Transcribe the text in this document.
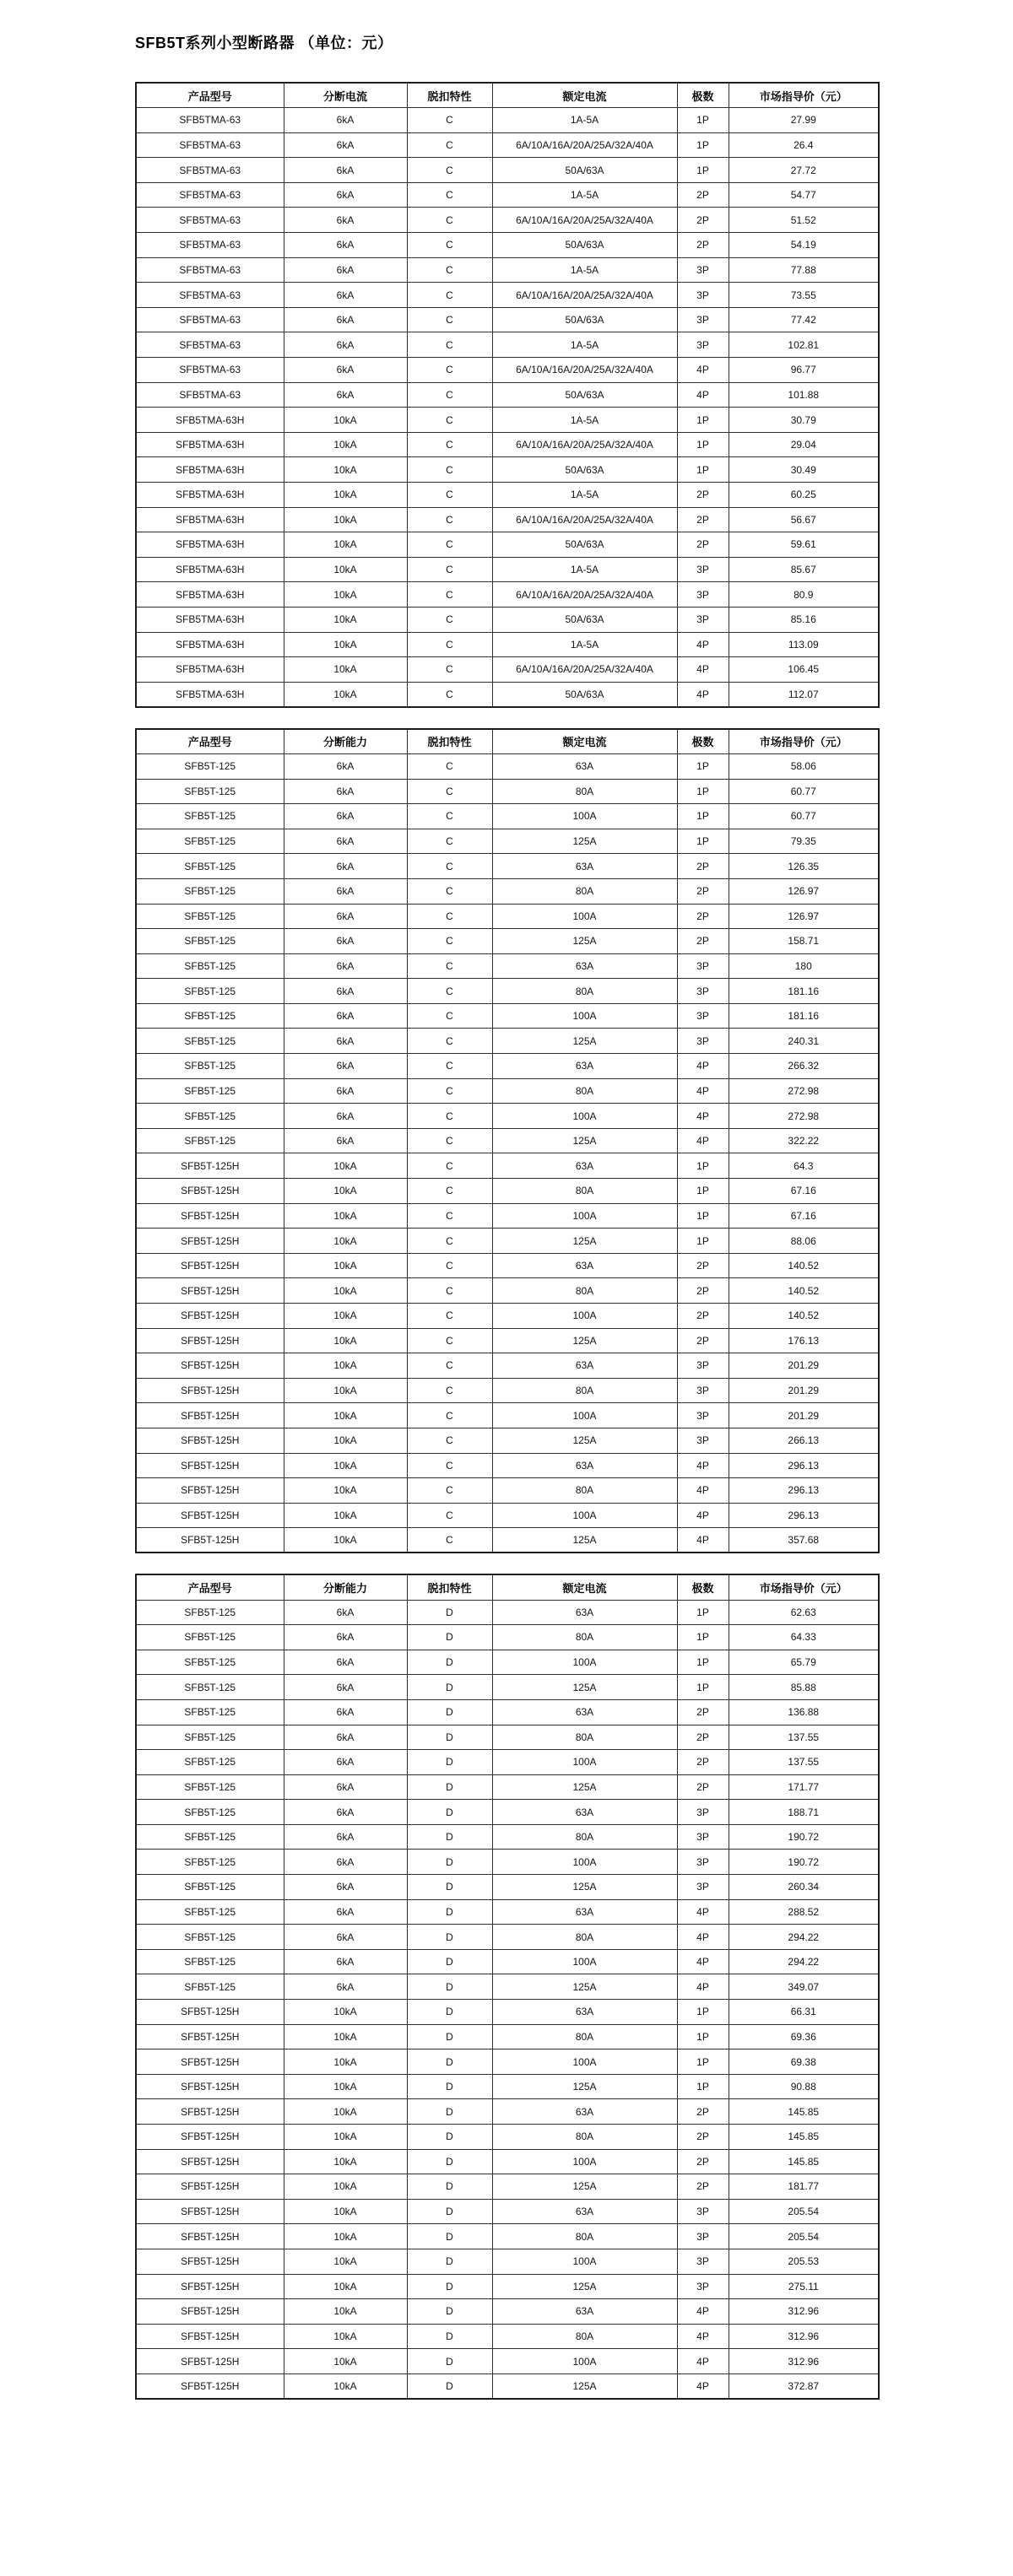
SFB5T系列小型断路器 （单位：元）
产品型号	分断电流	脱扣特性	额定电流	极数	市场指导价（元）
SFB5TMA-63	6kA	C	1A-5A	1P	27.99
SFB5TMA-63	6kA	C	6A/10A/16A/20A/25A/32A/40A	1P	26.4
SFB5TMA-63	6kA	C	50A/63A	1P	27.72
SFB5TMA-63	6kA	C	1A-5A	2P	54.77
SFB5TMA-63	6kA	C	6A/10A/16A/20A/25A/32A/40A	2P	51.52
SFB5TMA-63	6kA	C	50A/63A	2P	54.19
SFB5TMA-63	6kA	C	1A-5A	3P	77.88
SFB5TMA-63	6kA	C	6A/10A/16A/20A/25A/32A/40A	3P	73.55
SFB5TMA-63	6kA	C	50A/63A	3P	77.42
SFB5TMA-63	6kA	C	1A-5A	3P	102.81
SFB5TMA-63	6kA	C	6A/10A/16A/20A/25A/32A/40A	4P	96.77
SFB5TMA-63	6kA	C	50A/63A	4P	101.88
SFB5TMA-63H	10kA	C	1A-5A	1P	30.79
SFB5TMA-63H	10kA	C	6A/10A/16A/20A/25A/32A/40A	1P	29.04
SFB5TMA-63H	10kA	C	50A/63A	1P	30.49
SFB5TMA-63H	10kA	C	1A-5A	2P	60.25
SFB5TMA-63H	10kA	C	6A/10A/16A/20A/25A/32A/40A	2P	56.67
SFB5TMA-63H	10kA	C	50A/63A	2P	59.61
SFB5TMA-63H	10kA	C	1A-5A	3P	85.67
SFB5TMA-63H	10kA	C	6A/10A/16A/20A/25A/32A/40A	3P	80.9
SFB5TMA-63H	10kA	C	50A/63A	3P	85.16
SFB5TMA-63H	10kA	C	1A-5A	4P	113.09
SFB5TMA-63H	10kA	C	6A/10A/16A/20A/25A/32A/40A	4P	106.45
SFB5TMA-63H	10kA	C	50A/63A	4P	112.07
产品型号	分断能力	脱扣特性	额定电流	极数	市场指导价（元）
SFB5T-125	6kA	C	63A	1P	58.06
SFB5T-125	6kA	C	80A	1P	60.77
SFB5T-125	6kA	C	100A	1P	60.77
SFB5T-125	6kA	C	125A	1P	79.35
SFB5T-125	6kA	C	63A	2P	126.35
SFB5T-125	6kA	C	80A	2P	126.97
SFB5T-125	6kA	C	100A	2P	126.97
SFB5T-125	6kA	C	125A	2P	158.71
SFB5T-125	6kA	C	63A	3P	180
SFB5T-125	6kA	C	80A	3P	181.16
SFB5T-125	6kA	C	100A	3P	181.16
SFB5T-125	6kA	C	125A	3P	240.31
SFB5T-125	6kA	C	63A	4P	266.32
SFB5T-125	6kA	C	80A	4P	272.98
SFB5T-125	6kA	C	100A	4P	272.98
SFB5T-125	6kA	C	125A	4P	322.22
SFB5T-125H	10kA	C	63A	1P	64.3
SFB5T-125H	10kA	C	80A	1P	67.16
SFB5T-125H	10kA	C	100A	1P	67.16
SFB5T-125H	10kA	C	125A	1P	88.06
SFB5T-125H	10kA	C	63A	2P	140.52
SFB5T-125H	10kA	C	80A	2P	140.52
SFB5T-125H	10kA	C	100A	2P	140.52
SFB5T-125H	10kA	C	125A	2P	176.13
SFB5T-125H	10kA	C	63A	3P	201.29
SFB5T-125H	10kA	C	80A	3P	201.29
SFB5T-125H	10kA	C	100A	3P	201.29
SFB5T-125H	10kA	C	125A	3P	266.13
SFB5T-125H	10kA	C	63A	4P	296.13
SFB5T-125H	10kA	C	80A	4P	296.13
SFB5T-125H	10kA	C	100A	4P	296.13
SFB5T-125H	10kA	C	125A	4P	357.68
产品型号	分断能力	脱扣特性	额定电流	极数	市场指导价（元）
SFB5T-125	6kA	D	63A	1P	62.63
SFB5T-125	6kA	D	80A	1P	64.33
SFB5T-125	6kA	D	100A	1P	65.79
SFB5T-125	6kA	D	125A	1P	85.88
SFB5T-125	6kA	D	63A	2P	136.88
SFB5T-125	6kA	D	80A	2P	137.55
SFB5T-125	6kA	D	100A	2P	137.55
SFB5T-125	6kA	D	125A	2P	171.77
SFB5T-125	6kA	D	63A	3P	188.71
SFB5T-125	6kA	D	80A	3P	190.72
SFB5T-125	6kA	D	100A	3P	190.72
SFB5T-125	6kA	D	125A	3P	260.34
SFB5T-125	6kA	D	63A	4P	288.52
SFB5T-125	6kA	D	80A	4P	294.22
SFB5T-125	6kA	D	100A	4P	294.22
SFB5T-125	6kA	D	125A	4P	349.07
SFB5T-125H	10kA	D	63A	1P	66.31
SFB5T-125H	10kA	D	80A	1P	69.36
SFB5T-125H	10kA	D	100A	1P	69.38
SFB5T-125H	10kA	D	125A	1P	90.88
SFB5T-125H	10kA	D	63A	2P	145.85
SFB5T-125H	10kA	D	80A	2P	145.85
SFB5T-125H	10kA	D	100A	2P	145.85
SFB5T-125H	10kA	D	125A	2P	181.77
SFB5T-125H	10kA	D	63A	3P	205.54
SFB5T-125H	10kA	D	80A	3P	205.54
SFB5T-125H	10kA	D	100A	3P	205.53
SFB5T-125H	10kA	D	125A	3P	275.11
SFB5T-125H	10kA	D	63A	4P	312.96
SFB5T-125H	10kA	D	80A	4P	312.96
SFB5T-125H	10kA	D	100A	4P	312.96
SFB5T-125H	10kA	D	125A	4P	372.87
